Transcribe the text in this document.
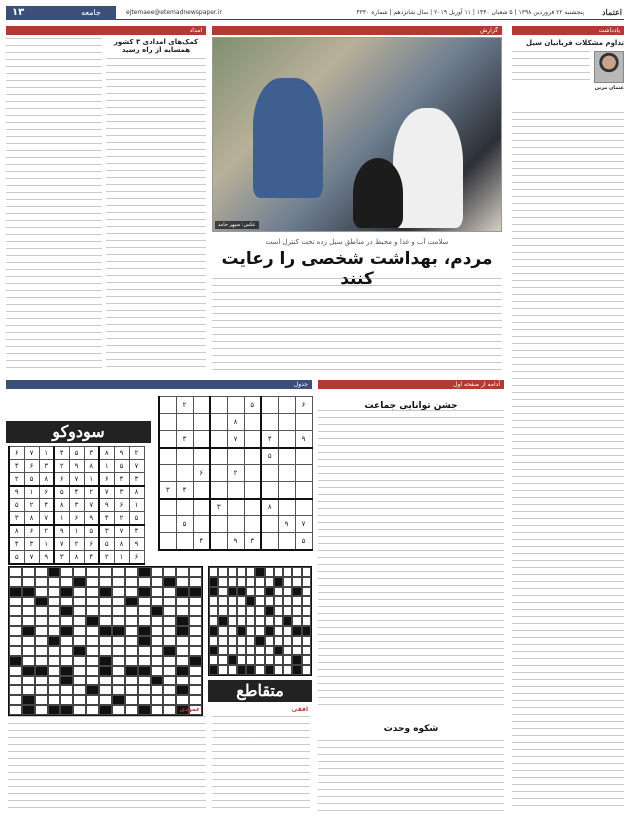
۱۳	جامعه	ejtemaee@etemadnewspaper.ir	پنجشنبه ۲۲ فروردین ۱۳۹۸ | ۵ شعبان ۱۴۴۰ | ۱۱ آوریل ۲۰۱۹ | سال شانزدهم | شماره ۴۳۴۰ اعتماد
یادداشت
تداوم مشکلات قربانیان سیل
عثمان مزین
گزارش
عکس: سپهر حامد
سلامت آب و غذا و محیط در مناطق سیل زده تحت کنترل است
مردم، بهداشت شخصی را رعایت کنند
امداد
کمک‌های امدادی ۳ کشور همسایه از راه رسید
آدامه از صفحه اول
جشن توانایی جماعت
شکوه وحدت
جدول
سودوکو
۲	۹	۸	۳	۵	۴	۱	۷	۶
۷	۵	۱	۸	۹	۲	۳	۶	۴
۳	۴	۶	۱	۷	۶	۸	۵	۲
۸	۳	۷	۲	۴	۵	۶	۱	۹
۱	۶	۹	۷	۳	۸	۴	۲	۵
۵	۲	۴	۹	۶	۱	۷	۸	۳
۴	۷	۳	۵	۱	۹	۲	۶	۸
۹	۸	۵	۶	۲	۷	۱	۳	۴
۶	۱	۲	۴	۸	۳	۹	۷	۵
۶			۵				۲	
				۸				
۹		۴		۷			۳	
		۵						
				۲		۶		
							۴	۳
		۸			۳			
۷	۹						۵	
۵			۳	۹		۴		
متقاطع
افقی
عمودی
